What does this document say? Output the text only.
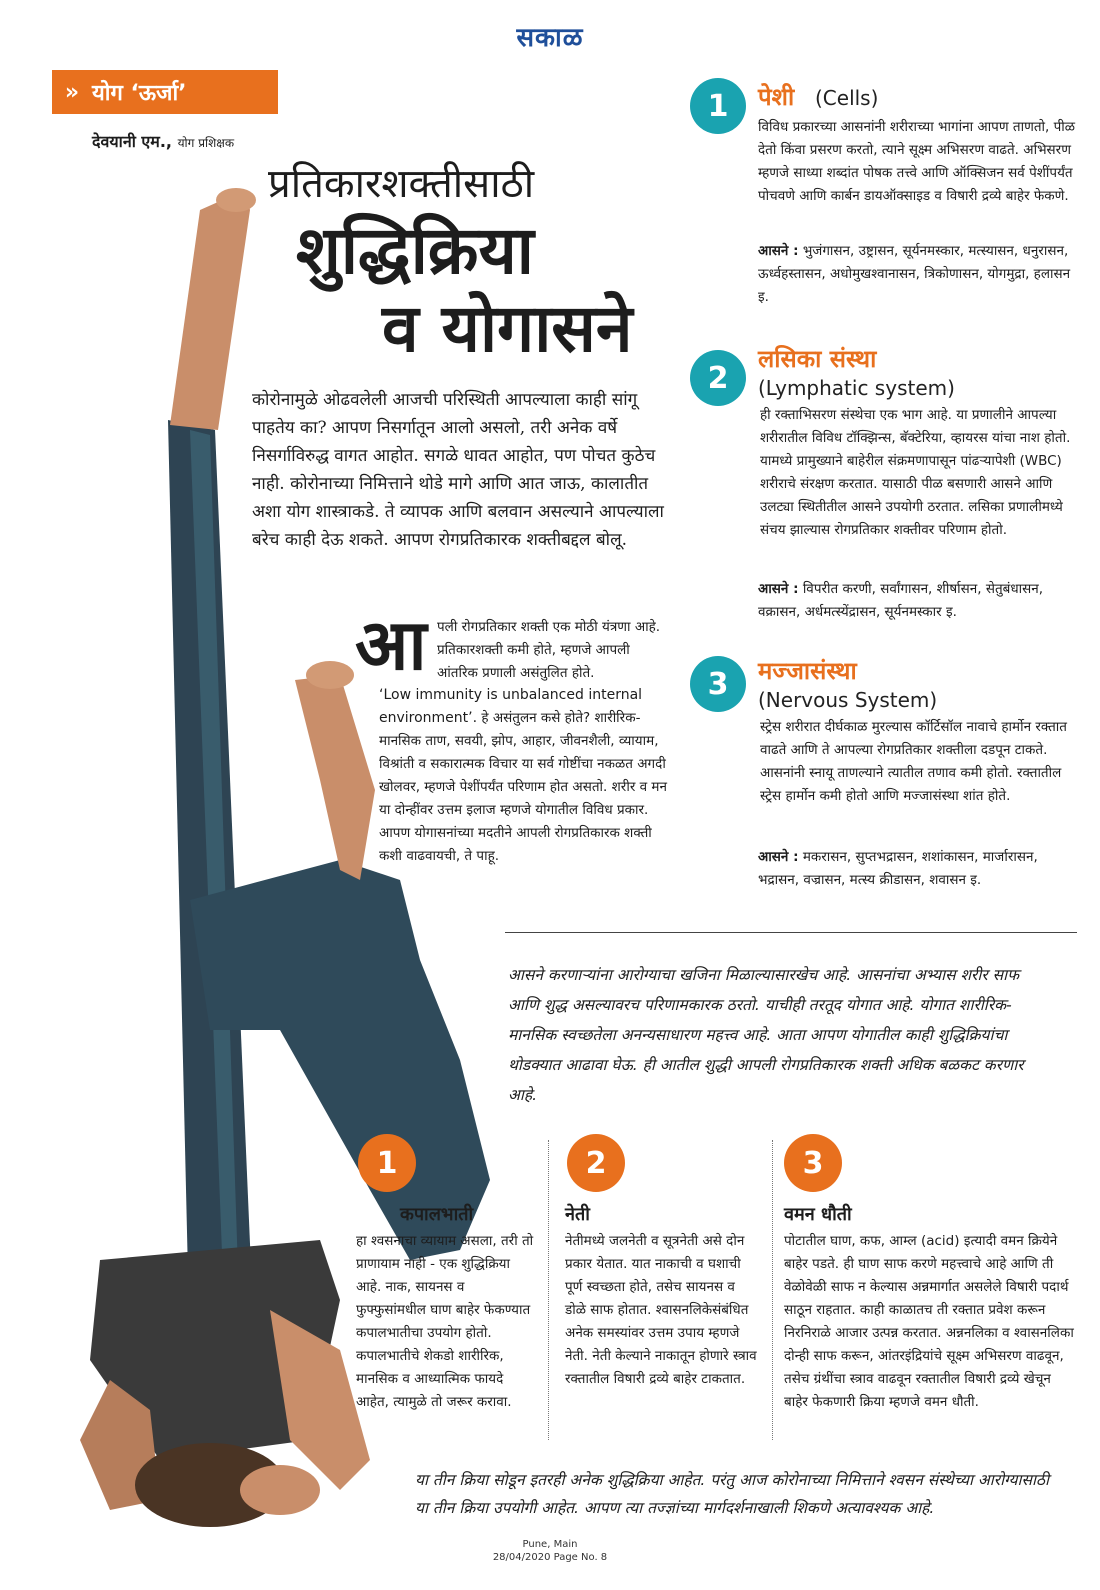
सकाळ
» योग ‘ऊर्जा’
देवयानी एम., योग प्रशिक्षक
प्रतिकारशक्तीसाठी
शुद्धिक्रिया
व योगासने
कोरोनामुळे ओढवलेली आजची परिस्थिती आपल्याला काही सांगू पाहतेय का? आपण निसर्गातून आलो असलो, तरी अनेक वर्षे निसर्गाविरुद्ध वागत आहोत. सगळे धावत आहोत, पण पोचत कुठेच नाही. कोरोनाच्या निमित्ताने थोडे मागे आणि आत जाऊ, कालातीत अशा योग शास्त्राकडे. ते व्यापक आणि बलवान असल्याने आपल्याला बरेच काही देऊ शकते. आपण रोगप्रतिकारक शक्तीबद्दल बोलू.
आ पली रोगप्रतिकार शक्ती एक मोठी यंत्रणा आहे. प्रतिकारशक्ती कमी होते, म्हणजे आपली आंतरिक प्रणाली असंतुलित होते.
‘Low immunity is unbalanced internal environment’. हे असंतुलन कसे होते? शारीरिक-मानसिक ताण, सवयी, झोप, आहार, जीवनशैली, व्यायाम, विश्रांती व सकारात्मक विचार या सर्व गोष्टींचा नकळत अगदी खोलवर, म्हणजे पेशींपर्यंत परिणाम होत असतो. शरीर व मन या दोन्हींवर उत्तम इलाज म्हणजे योगातील विविध प्रकार. आपण योगासनांच्या मदतीने आपली रोगप्रतिकारक शक्ती कशी वाढवायची, ते पाहू.
1	पेशी (Cells)
विविध प्रकारच्या आसनांनी शरीराच्या भागांना आपण ताणतो, पीळ देतो किंवा प्रसरण करतो, त्याने सूक्ष्म अभिसरण वाढते. अभिसरण म्हणजे साध्या शब्दांत पोषक तत्त्वे आणि ऑक्सिजन सर्व पेशींपर्यंत पोचवणे आणि कार्बन डायऑक्साइड व विषारी द्रव्ये बाहेर फेकणे.
आसने : भुजंगासन, उष्ट्रासन, सूर्यनमस्कार, मत्स्यासन, धनुरासन, ऊर्ध्वहस्तासन, अधोमुखश्वानासन, त्रिकोणासन, योगमुद्रा, हलासन इ.
2
लसिका संस्था
(Lymphatic system)
ही रक्ताभिसरण संस्थेचा एक भाग आहे. या प्रणालीने आपल्या शरीरातील विविध टॉक्झिन्स, बॅक्टेरिया, व्हायरस यांचा नाश होतो. यामध्ये प्रामुख्याने बाहेरील संक्रमणापासून पांढऱ्यापेशी (WBC) शरीराचे संरक्षण करतात. यासाठी पीळ बसणारी आसने आणि उलट्या स्थितीतील आसने उपयोगी ठरतात. लसिका प्रणालीमध्ये संचय झाल्यास रोगप्रतिकार शक्तीवर परिणाम होतो.
आसने : विपरीत करणी, सर्वांगासन, शीर्षासन, सेतुबंधासन, वक्रासन, अर्धमत्स्येंद्रासन, सूर्यनमस्कार इ.
3	मज्जासंस्था
(Nervous System)
स्ट्रेस शरीरात दीर्घकाळ मुरल्यास कॉर्टिसॉल नावाचे हार्मोन रक्तात वाढते आणि ते आपल्या रोगप्रतिकार शक्तीला दडपून टाकते. आसनांनी स्नायू ताणल्याने त्यातील तणाव कमी होतो. रक्तातील स्ट्रेस हार्मोन कमी होतो आणि मज्जासंस्था शांत होते.
आसने : मकरासन, सुप्तभद्रासन, शशांकासन, मार्जारासन, भद्रासन, वज्रासन, मत्स्य क्रीडासन, शवासन इ.
आसने करणाऱ्यांना आरोग्याचा खजिना मिळाल्यासारखेच आहे. आसनांचा अभ्यास शरीर साफ आणि शुद्ध असल्यावरच परिणामकारक ठरतो. याचीही तरतूद योगात आहे. योगात शारीरिक-मानसिक स्वच्छतेला अनन्यसाधारण महत्त्व आहे. आता आपण योगातील काही शुद्धिक्रियांचा थोडक्यात आढावा घेऊ. ही आतील शुद्धी आपली रोगप्रतिकारक शक्ती अधिक बळकट करणार आहे.
1
कपालभाती
हा श्वसनाचा व्यायाम असला, तरी तो प्राणायाम नाही - एक शुद्धिक्रिया आहे. नाक, सायनस व फुफ्फुसांमधील घाण बाहेर फेकण्यात कपालभातीचा उपयोग होतो. कपालभातीचे शेकडो शारीरिक, मानसिक व आध्यात्मिक फायदे आहेत, त्यामुळे तो जरूर करावा.
2
नेती
नेतीमध्ये जलनेती व सूत्रनेती असे दोन प्रकार येतात. यात नाकाची व घशाची पूर्ण स्वच्छता होते, तसेच सायनस व डोळे साफ होतात. श्वासनलिकेसंबंधित अनेक समस्यांवर उत्तम उपाय म्हणजे नेती. नेती केल्याने नाकातून होणारे स्त्राव रक्तातील विषारी द्रव्ये बाहेर टाकतात.
3
वमन धौती
पोटातील घाण, कफ, आम्ल (acid) इत्यादी वमन क्रियेने बाहेर पडते. ही घाण साफ करणे महत्त्वाचे आहे आणि ती वेळोवेळी साफ न केल्यास अन्नमार्गात असलेले विषारी पदार्थ साठून राहतात. काही काळातच ती रक्तात प्रवेश करून निरनिराळे आजार उत्पन्न करतात. अन्ननलिका व श्वासनलिका दोन्ही साफ करून, आंतरइंद्रियांचे सूक्ष्म अभिसरण वाढवून, तसेच ग्रंथींचा स्त्राव वाढवून रक्तातील विषारी द्रव्ये खेचून बाहेर फेकणारी क्रिया म्हणजे वमन धौती.
या तीन क्रिया सोडून इतरही अनेक शुद्धिक्रिया आहेत. परंतु आज कोरोनाच्या निमित्ताने श्वसन संस्थेच्या आरोग्यासाठी या तीन क्रिया उपयोगी आहेत. आपण त्या तज्ज्ञांच्या मार्गदर्शनाखाली शिकणे अत्यावश्यक आहे.
Pune, Main
28/04/2020 Page No. 8
